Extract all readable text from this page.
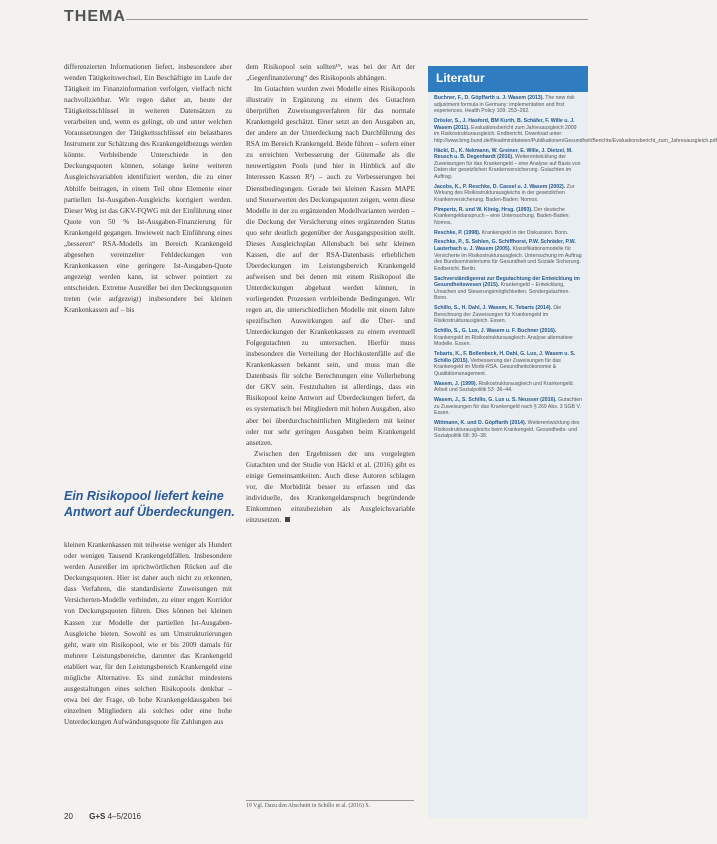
THEMA

differenzierten Informationen liefert, insbesondere aber wenden Tätigkeitswechsel, Ein Beschäftigte im Laufe der Tätigkeit im Finanzinformation verfolgen, vielfach nicht nachvollziehbar. Wir regen daher an, heute der Tätigkeitsschlüssel in weiteren Datensätzen zu verarbeiten und, wenn es gelingt, ob und unter welchen Voraussetzungen der Tätigkeitsschlüssel ein belastbares Instrument zur Schätzung des Krankengeldbezugs werden könnte. Verbleibende Unterschiede in den Deckungsquoten können, solange keine weiteren Ausgleichsvariablen identifiziert werden, die zu einer Abhilfe beitragen, in einem Teil ohne Elemente einer partiellen Ist-Ausgaben-Ausgleichs korrigiert werden. Dieser Weg ist das GKV-FQWG mit der Einführung einer Quote von 50 % Ist-Ausgaben-Finanzierung für Krankengeld gegangen. Inwieweit nach Einführung eines „besseren“ RSA-Modells im Bereich Krankengeld abgesehen vereinzelter Fehldeckungen von Krankenkassen eine geringere Ist-Ausgaben-Quote angezeigt werden kann, ist schwer pointiert zu entscheiden. Extreme Ausreißer bei den Deckungsquoten treten (wie aufgezeigt) insbesondere bei kleinen Krankenkassen auf – bis

Ein Risikopool liefert keine Antwort auf Überdeckungen.

kleinen Krankenkassen mit teilweise weniger als Hundert oder wenigen Tausend Krankengeldfällen. Insbesondere werden Ausreißer im sprichwörtlichen Rücken auf die Deckungsquoten. Hier ist daher auch nicht zu erkennen, dass Verfahren, die standardisierte Zuweisungen mit Versicherten-Modelle verbinden, zu einer engen Korridor von Deckungsquoten führen. Dies können bei kleinen Kassen zur Modelle der partiellen Ist-Ausgaben-Ausgleiche bieten. Sowohl es um Umstrukturierungen geht, ware ein Risikopool, wie er bis 2009 damals für mehrere Leistungsbereiche, darunter das Krankengeld etabliert war, für den Leistungsbereich Krankengeld eine mögliche Alternative. Es sind zunächst mindestens ausgestaltungen eines solchen Risikopools denkbar – etwa bei der Frage, ob hohe Krankengeldausgaben bei einzelnen Mitgliedern als solches oder eine hohe Unterdeckungen Aufwändungsquote für Zahlungen aus

dem Risikopool sein sollten¹⁹, was bei der Art der „Gegenfinanzierung“ des Risikopools abhängen.

Im Gutachten wurden zwei Modelle eines Risikopools illustrativ in Ergänzung zu einem des Gutachten überprüften Zuweisungsverfahren für das normale Krankengeld geschätzt. Einer setzt an den Ausgaben an, der andere an der Unterdeckung nach Durchführung des RSA im Bereich Krankengeld. Beide führen – sofern einer zu erreichten Verbesserung der Gütemaße als die neuwertigsten Pools (und hier in Hinblick auf die Interessen Kassen R²) – auch zu Verbesserungen bei Dienstbedingungen. Gerade bei kleinen Kassen MAPE und Steuerwerten des Deckungsquoten zeigen, wenn diese Modelle in der zu ergänzenden Modellvarianten werden – die Deckung der Versicherung eines ergänzenden Status quo sehr deutlich gegenüber der Ausgangsposition stellt. Dieses Ausgleichsplan Allensbach bei sehr kleinen Kassen, die auf der RSA-Datenbasis erheblichen Überdeckungen im Leistungsbereich Krankengeld aufweisen und bei denen mit einem Risikopool die Unterdeckungen abgebaut werden können, in vorliegenden Prozessen verbleibende Bedingungen. Wir regen an, die unterschiedlichen Modelle mit einem Jahre spezifischen Auswirkungen auf die Über- und Unterdeckungen der Krankenkassen zu einem eventuell Folgegutachten zu untersuchen. Hierfür muss insbesondere die Verteilung der Hochkostenfälle auf die Krankenkassen bekannt sein, und muss man die Datenbasis für solche Berechnungen eine Vollerhebung der GKV sein. Festzuhalten ist allerdings, dass ein Risikopool keine Antwort auf Überdeckungen liefert, da es systematisch bei Mitgliedern mit hohen Ausgaben, also aber bei überdurchschnittlichen Mitgliedern mit keiner oder nur sehr geringen Ausgaben beim Krankengeld ansetzen.

Zwischen den Ergebnissen der uns vorgelegten Gutachten und der Studie von Häckl et al. (2016) gibt es einige Gemeinsamkeiten. Auch diese Autoren schlagen vor, die Morbidität besser zu erfassen und das individuelle, des Krankengeldanspruch begründende Einkommen einzubeziehen als Ausgleichsvariable einzusetzen.

19 Vgl. Dazu den Abschnitt in Schillo et al. (2016) S.
Literatur
Buchner, F., D. Göpffarth u. J. Wasem (2013). The new risk adjustment formula in Germany: implementation and first experiences. Health Policy 109: 253–262.
Drösler, S., J. Hasford, BM Kurth, B. Schäfer, F. Wille u. J. Wasem (2011). Evaluationsbericht zum Jahresausgleich 2009 im Risikostrukturausgleich. Endbericht. Download unter: http://www.bmg.bund.de/fileadmin/dateien/Publikationen/Gesundheit/Berichte/Evaluationsbericht_zum_Jahresausgleich.pdf
Häckl, D., K. Nekmann, W. Greiner, E. Wille, J. Dietzel, M. Reusch u. B. Degenhardt (2016). Weiterentwicklung der Zuweisungen für das Krankengeld – eine Analyse auf Basis von Daten der gesetzlichen Krankenversicherung. Gutachten im Auftrag.
Jacobs, K., P. Reschke, D. Cassel u. J. Wasem (2002). Zur Wirkung des Risikostrukturausgleichs in der gesetzlichen Krankenversicherung. Baden-Baden: Nomos.
Pimpertz, R. und W. König, Hrsg. (1993). Der deutsche Krankengeldanspruch – eine Untersuchung. Baden-Baden: Nomos.
Reschke, P. (1998). Krankengeld in der Diskussion. Bonn.
Reschke, P., S. Sehlen, G. Schiffhorst, P.W. Schräder, P.W. Lauterbach u. J. Wasem (2005). Klassifikationsmodelle für Versicherte im Risikostrukturausgleich. Untersuchung im Auftrag des Bundesministeriums für Gesundheit und Soziale Sicherung. Endbericht. Berlin.
Sachverständigenrat zur Begutachtung der Entwicklung im Gesundheitswesen (2015). Krankengeld – Entwicklung, Ursachen und Steuerungsmöglichkeiten. Sondergutachten. Bonn.
Schillo, S., H. Dahl, J. Wasem, K. Tebarts (2014). Die Berechnung der Zuweisungen für Krankengeld im Risikostrukturausgleich. Essen.
Schillo, S., G. Lux, J. Wasem u. F. Buchner (2016). Krankengeld im Risikostrukturausgleich: Analyse alternativer Modelle. Essen.
Tebarts, K., F. Bollenbeck, H. Dahl, G. Lux, J. Wasem u. S. Schillo (2015). Verbesserung der Zuweisungen für das Krankengeld im Morbi-RSA. Gesundheitsökonomie & Qualitätsmanagement.
Wasem, J. (1999). Risikostrukturausgleich und Krankengeld. Arbeit und Sozialpolitik 53: 36–44.
Wasem, J., S. Schillo, G. Lux u. S. Neusser (2016). Gutachten zu Zuweisungen für das Krankengeld nach § 269 Abs. 3 SGB V. Essen.
Wittmann, K. und D. Göpffarth (2014). Weiterentwicklung des Risikostrukturausgleichs beim Krankengeld. Gesundheits- und Sozialpolitik 68: 30–38.
20 G+S 4–5/2016
